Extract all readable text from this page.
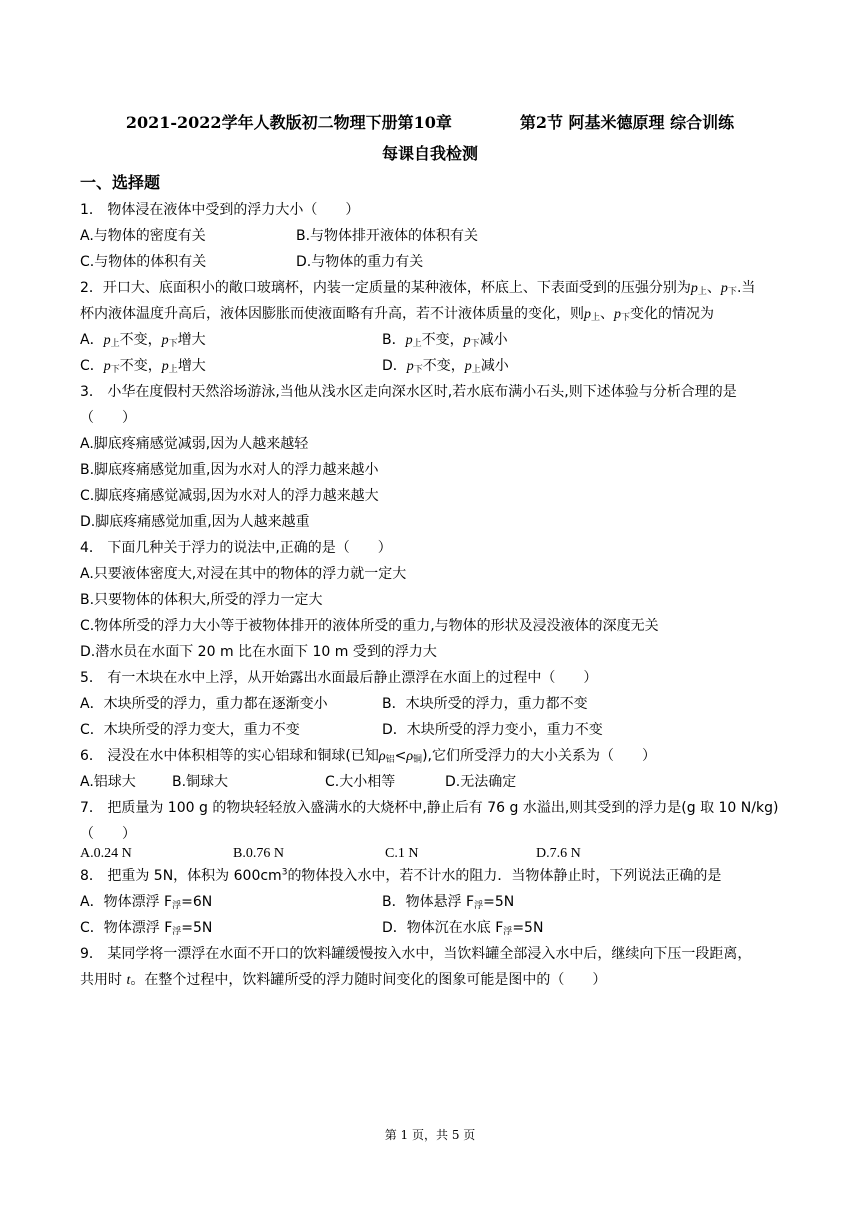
2021-2022学年人教版初二物理下册第10章	第2节 阿基米德原理 综合训练
每课自我检测
一、选择题
1． 物体浸在液体中受到的浮力大小（　　）
A.与物体的密度有关	B.与物体排开液体的体积有关
C.与物体的体积有关	D.与物体的重力有关
2．开口大、底面积小的敞口玻璃杯，内装一定质量的某种液体，杯底上、下表面受到的压强分别为$p_上$、$p_下$.当
杯内液体温度升高后，液体因膨胀而使液面略有升高，若不计液体质量的变化，则$p_上$、$p_下$变化的情况为
A．$p_上$不变，$p_下$增大	B．$p_上$不变，$p_下$减小
C．$p_下$不变，$p_上$增大	D．$p_下$不变，$p_上$减小
3． 小华在度假村天然浴场游泳,当他从浅水区走向深水区时,若水底布满小石头,则下述体验与分析合理的是
（　　）
A.脚底疼痛感觉减弱,因为人越来越轻
B.脚底疼痛感觉加重,因为水对人的浮力越来越小
C.脚底疼痛感觉减弱,因为水对人的浮力越来越大
D.脚底疼痛感觉加重,因为人越来越重
4． 下面几种关于浮力的说法中,正确的是（　　）
A.只要液体密度大,对浸在其中的物体的浮力就一定大
B.只要物体的体积大,所受的浮力一定大
C.物体所受的浮力大小等于被物体排开的液体所受的重力,与物体的形状及浸没液体的深度无关
D.潜水员在水面下 20 m 比在水面下 10 m 受到的浮力大
5． 有一木块在水中上浮，从开始露出水面最后静止漂浮在水面上的过程中（　　）
A．木块所受的浮力，重力都在逐渐变小	B．木块所受的浮力，重力都不变
C．木块所受的浮力变大，重力不变	D．木块所受的浮力变小，重力不变
6． 浸没在水中体积相等的实心铝球和铜球(已知$\rho_铝<\rho_铜$),它们所受浮力的大小关系为（　　）
A.铝球大	B.铜球大	C.大小相等	D.无法确定
7． 把质量为 100 g 的物块轻轻放入盛满水的大烧杯中,静止后有 76 g 水溢出,则其受到的浮力是(g 取 10 N/kg)
（　　）
A.0.24 N	B.0.76 N	C.1 N	D.7.6 N
8． 把重为 5N，体积为 $600cm^3$的物体投入水中，若不计水的阻力．当物体静止时，下列说法正确的是
A．物体漂浮 $F_浮=6N$	B．物体悬浮 $F_浮=5N$
C．物体漂浮 $F_浮=5N$	D．物体沉在水底 $F_浮=5N$
9． 某同学将一漂浮在水面不开口的饮料罐缓慢按入水中，当饮料罐全部浸入水中后，继续向下压一段距离，
共用时 t。在整个过程中，饮料罐所受的浮力随时间变化的图象可能是图中的（　　）
第 1 页，共 5 页
